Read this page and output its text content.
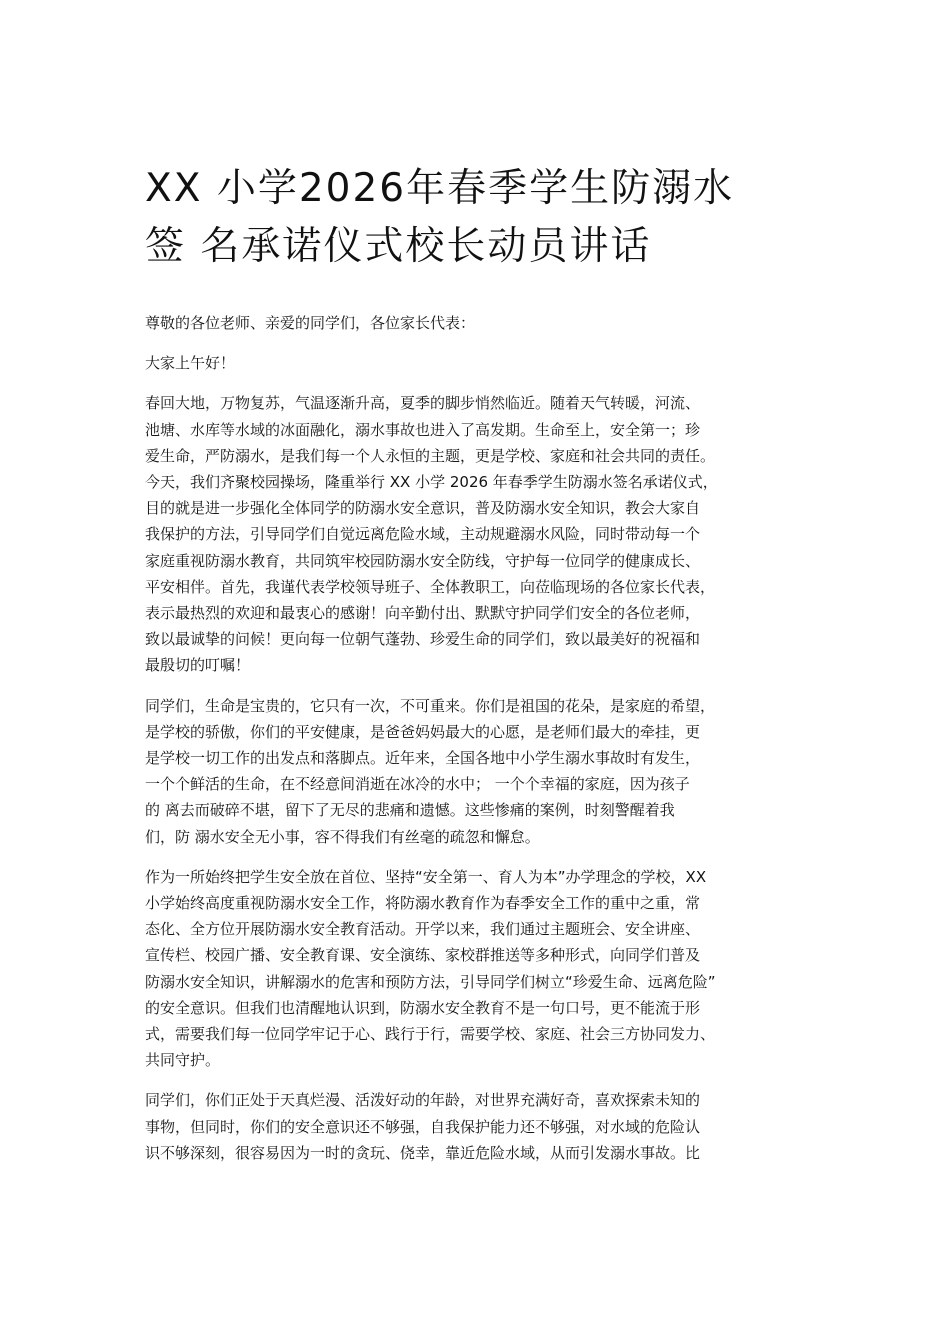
XX 小学2026年春季学生防溺水
签 名承诺仪式校长动员讲话

尊敬的各位老师、亲爱的同学们，各位家长代表：

大家上午好！

春回大地，万物复苏，气温逐渐升高，夏季的脚步悄然临近。随着天气转暖，河流、
池塘、水库等水域的冰面融化，溺水事故也进入了高发期。生命至上，安全第一；珍
爱生命，严防溺水，是我们每一个人永恒的主题，更是学校、家庭和社会共同的责任。
今天，我们齐聚校园操场，隆重举行 XX 小学 2026 年春季学生防溺水签名承诺仪式，
目的就是进一步强化全体同学的防溺水安全意识，普及防溺水安全知识，教会大家自
我保护的方法，引导同学们自觉远离危险水域，主动规避溺水风险，同时带动每一个
家庭重视防溺水教育，共同筑牢校园防溺水安全防线，守护每一位同学的健康成长、
平安相伴。首先，我谨代表学校领导班子、全体教职工，向莅临现场的各位家长代表，
表示最热烈的欢迎和最衷心的感谢！向辛勤付出、默默守护同学们安全的各位老师，
致以最诚挚的问候！更向每一位朝气蓬勃、珍爱生命的同学们，致以最美好的祝福和
最殷切的叮嘱！

同学们，生命是宝贵的，它只有一次，不可重来。你们是祖国的花朵，是家庭的希望，
是学校的骄傲，你们的平安健康，是爸爸妈妈最大的心愿，是老师们最大的牵挂，更
是学校一切工作的出发点和落脚点。近年来，全国各地中小学生溺水事故时有发生，
一个个鲜活的生命，在不经意间消逝在冰冷的水中； 一个个幸福的家庭，因为孩子
的 离去而破碎不堪，留下了无尽的悲痛和遗憾。这些惨痛的案例，时刻警醒着我
们，防 溺水安全无小事，容不得我们有丝毫的疏忽和懈怠。

作为一所始终把学生安全放在首位、坚持“安全第一、育人为本”办学理念的学校，XX
小学始终高度重视防溺水安全工作，将防溺水教育作为春季安全工作的重中之重，常
态化、全方位开展防溺水安全教育活动。开学以来，我们通过主题班会、安全讲座、
宣传栏、校园广播、安全教育课、安全演练、家校群推送等多种形式，向同学们普及
防溺水安全知识，讲解溺水的危害和预防方法，引导同学们树立“珍爱生命、远离危险”
的安全意识。但我们也清醒地认识到，防溺水安全教育不是一句口号，更不能流于形
式，需要我们每一位同学牢记于心、践行于行，需要学校、家庭、社会三方协同发力、
共同守护。

同学们，你们正处于天真烂漫、活泼好动的年龄，对世界充满好奇，喜欢探索未知的
事物，但同时，你们的安全意识还不够强，自我保护能力还不够强，对水域的危险认
识不够深刻，很容易因为一时的贪玩、侥幸，靠近危险水域，从而引发溺水事故。比
